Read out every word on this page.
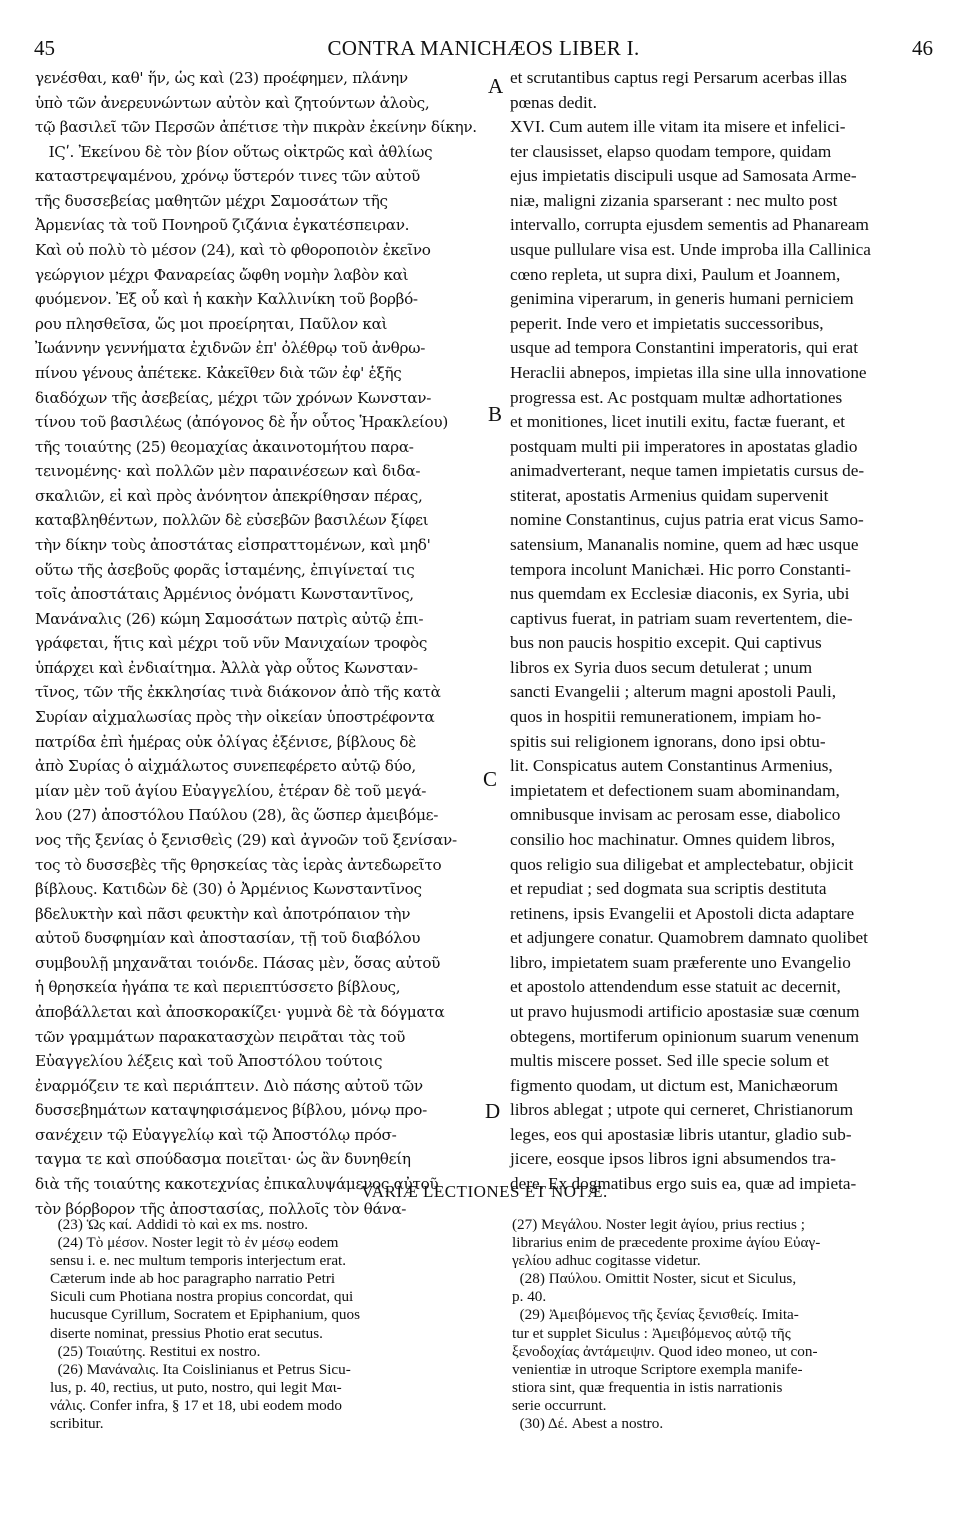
45	CONTRA MANICHÆOS LIBER I.	46
γενέσθαι, καθ' ἥν, ὡς καὶ (23) προέφημεν, πλάνην
ὑπὸ τῶν ἀνερευνώντων αὐτὸν καὶ ζητούντων ἀλοὺς,
τῷ βασιλεῖ τῶν Περσῶν ἀπέτισε τὴν πικρὰν ἐκείνην δίκην.
ΙϚʹ. Ἐκείνου δὲ τὸν βίον οὕτως οἰκτρῶς καὶ ἀθλίως
καταστρεψαμένου, χρόνῳ ὕστερόν τινες τῶν αὐτοῦ
τῆς δυσσεβείας μαθητῶν μέχρι Σαμοσάτων τῆς
Ἀρμενίας τὰ τοῦ Πονηροῦ ζιζάνια ἐγκατέσπειραν.
Καὶ οὐ πολὺ τὸ μέσον (24), καὶ τὸ φθοροποιὸν ἐκεῖνο
γεώργιον μέχρι Φαναρείας ὤφθη νομὴν λαβὸν καὶ
φυόμενον. Ἐξ οὗ καὶ ἡ κακὴν Καλλινίκη τοῦ βορβό-
ρου πλησθεῖσα, ὥς μοι προείρηται, Παῦλον καὶ
Ἰωάννην γεννήματα ἐχιδνῶν ἐπ' ὀλέθρῳ τοῦ ἀνθρω-
πίνου γένους ἀπέτεκε. Κἀκεῖθεν διὰ τῶν ἐφ' ἑξῆς
διαδόχων τῆς ἀσεβείας, μέχρι τῶν χρόνων Κωνσταν-
τίνου τοῦ βασιλέως (ἀπόγονος δὲ ἦν οὗτος Ἡρακλείου)
τῆς τοιαύτης (25) θεομαχίας ἀκαινοτομήτου παρα-
τεινομένης· καὶ πολλῶν μὲν παραινέσεων καὶ διδα-
σκαλιῶν, εἰ καὶ πρὸς ἀνόνητον ἀπεκρίθησαν πέρας,
καταβληθέντων, πολλῶν δὲ εὐσεβῶν βασιλέων ξίφει
τὴν δίκην τοὺς ἀποστάτας εἰσπραττομένων, καὶ μηδ'
οὕτω τῆς ἀσεβοῦς φορᾶς ἱσταμένης, ἐπιγίνεταί τις
τοῖς ἀποστάταις Ἀρμένιος ὀνόματι Κωνσταντῖνος,
Μανάναλις (26) κώμη Σαμοσάτων πατρὶς αὐτῷ ἐπι-
γράφεται, ἥτις καὶ μέχρι τοῦ νῦν Μανιχαίων τροφὸς
ὑπάρχει καὶ ἐνδιαίτημα. Ἀλλὰ γὰρ οὗτος Κωνσταν-
τῖνος, τῶν τῆς ἐκκλησίας τινὰ διάκονον ἀπὸ τῆς κατὰ
Συρίαν αἰχμαλωσίας πρὸς τὴν οἰκείαν ὑποστρέφοντα
πατρίδα ἐπὶ ἡμέρας οὐκ ὀλίγας ἐξένισε, βίβλους δὲ
ἀπὸ Συρίας ὁ αἰχμάλωτος συνεπεφέρετο αὐτῷ δύο,
μίαν μὲν τοῦ ἁγίου Εὐαγγελίου, ἑτέραν δὲ τοῦ μεγά-
λου (27) ἀποστόλου Παύλου (28), ἃς ὥσπερ ἀμειβόμε-
νος τῆς ξενίας ὁ ξενισθεὶς (29) καὶ ἀγνοῶν τοῦ ξενίσαν-
τος τὸ δυσσεβὲς τῆς θρησκείας τὰς ἱερὰς ἀντεδωρεῖτο
βίβλους. Κατιδὼν δὲ (30) ὁ Ἀρμένιος Κωνσταντῖνος
βδελυκτὴν καὶ πᾶσι φευκτὴν καὶ ἀποτρόπαιον τὴν
αὐτοῦ δυσφημίαν καὶ ἀποστασίαν, τῇ τοῦ διαβόλου
συμβουλῇ μηχανᾶται τοιόνδε. Πάσας μὲν, ὅσας αὐτοῦ
ἡ θρησκεία ἠγάπα τε καὶ περιεπτύσσετο βίβλους,
ἀποβάλλεται καὶ ἀποσκορακίζει· γυμνὰ δὲ τὰ δόγματα
τῶν γραμμάτων παρακατασχὼν πειρᾶται τὰς τοῦ
Εὐαγγελίου λέξεις καὶ τοῦ Ἀποστόλου τούτοις
ἐναρμόζειν τε καὶ περιάπτειν. Διὸ πάσης αὐτοῦ τῶν
δυσσεβημάτων καταψηφισάμενος βίβλου, μόνῳ προ-
σανέχειν τῷ Εὐαγγελίῳ καὶ τῷ Ἀποστόλῳ πρόσ-
ταγμα τε καὶ σπούδασμα ποιεῖται· ὡς ἂν δυνηθείη
διὰ τῆς τοιαύτης κακοτεχνίας ἐπικαλυψάμενος αὐτοῦ
τὸν βόρβορον τῆς ἀποστασίας, πολλοῖς τὸν θάνα-
et scrutantibus captus regi Persarum acerbas illas
pœnas dedit.
XVI. Cum autem ille vitam ita misere et infelici-
ter clausisset, elapso quodam tempore, quidam
ejus impietatis discipuli usque ad Samosata Arme-
niæ, maligni zizania sparserant : nec multo post
intervallo, corrupta ejusdem sementis ad Phanaream
usque pullulare visa est. Unde improba illa Callinica
cœno repleta, ut supra dixi, Paulum et Joannem,
genimina viperarum, in generis humani perniciem
peperit. Inde vero et impietatis successoribus,
usque ad tempora Constantini imperatoris, qui erat
Heraclii abnepos, impietas illa sine ulla innovatione
progressa est. Ac postquam multæ adhortationes
et monitiones, licet inutili exitu, factæ fuerant, et
postquam multi pii imperatores in apostatas gladio
animadverterant, neque tamen impietatis cursus de-
stiterat, apostatis Armenius quidam supervenit
nomine Constantinus, cujus patria erat vicus Samo-
satensium, Mananalis nomine, quem ad hæc usque
tempora incolunt Manichæi. Hic porro Constanti-
nus quemdam ex Ecclesiæ diaconis, ex Syria, ubi
captivus fuerat, in patriam suam revertentem, die-
bus non paucis hospitio excepit. Qui captivus
libros ex Syria duos secum detulerat ; unum
sancti Evangelii ; alterum magni apostoli Pauli,
quos in hospitii remunerationem, impiam ho-
spitis sui religionem ignorans, dono ipsi obtu-
lit. Conspicatus autem Constantinus Armenius,
impietatem et defectionem suam abominandam,
omnibusque invisam ac perosam esse, diabolico
consilio hoc machinatur. Omnes quidem libros,
quos religio sua diligebat et amplectebatur, objicit
et repudiat ; sed dogmata sua scriptis destituta
retinens, ipsis Evangelii et Apostoli dicta adaptare
et adjungere conatur. Quamobrem damnato quolibet
libro, impietatem suam præferente uno Evangelio
et apostolo attendendum esse statuit ac decernit,
ut pravo hujusmodi artificio apostasiæ suæ cœnum
obtegens, mortiferum opinionum suarum venenum
multis miscere posset. Sed ille specie solum et
figmento quodam, ut dictum est, Manichæorum
libros ablegat ; utpote qui cerneret, Christianorum
leges, eos qui apostasiæ libris utantur, gladio sub-
jicere, eosque ipsos libros igni absumendos tra-
dere. Ex dogmatibus ergo suis ea, quæ ad impieta-
A
B
C
D
VARIÆ LECTIONES ET NOTÆ.
(23) Ὡς καί. Addidi τὸ καὶ ex ms. nostro.
(24) Τὸ μέσον. Noster legit τὸ ἐν μέσῳ eodem
sensu i. e. nec multum temporis interjectum erat.
Cæterum inde ab hoc paragrapho narratio Petri
Siculi cum Photiana nostra propius concordat, qui
hucusque Cyrillum, Socratem et Epiphanium, quos
diserte nominat, pressius Photio erat secutus.
(25) Τοιαύτης. Restitui ex nostro.
(26) Μανάναλις. Ita Coislinianus et Petrus Sicu-
lus, p. 40, rectius, ut puto, nostro, qui legit Μαι-
νάλις. Confer infra, § 17 et 18, ubi eodem modo
scribitur.
(27) Μεγάλου. Noster legit ἁγίου, prius rectius ;
librarius enim de præcedente proxime ἁγίου Εὐαγ-
γελίου adhuc cogitasse videtur.
(28) Παύλου. Omittit Noster, sicut et Siculus,
p. 40.
(29) Ἀμειβόμενος τῆς ξενίας ξενισθείς. Imita-
tur et supplet Siculus : Ἀμειβόμενος αὐτῷ τῆς
ξενοδοχίας ἀντάμειψιν. Quod ideo moneo, ut con-
venientiæ in utroque Scriptore exempla manife-
stiora sint, quæ frequentia in istis narrationis
serie occurrunt.
(30) Δέ. Abest a nostro.
